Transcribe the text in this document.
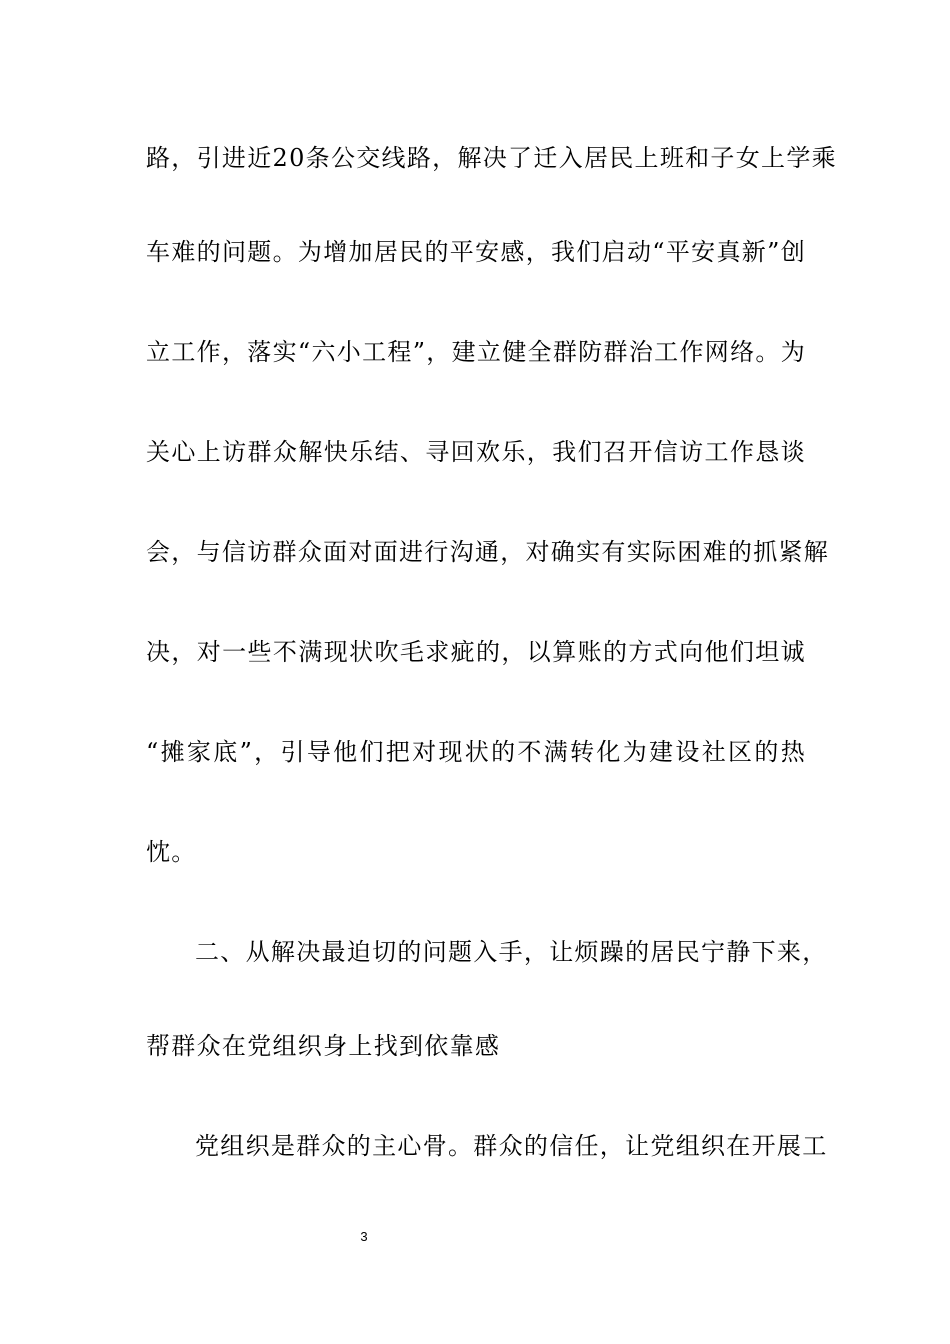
路，引进近20条公交线路，解决了迁入居民上班和子女上学乘
车难的问题。为增加居民的平安感，我们启动“平安真新”创
立工作，落实“六小工程”，建立健全群防群治工作网络。为
关心上访群众解快乐结、寻回欢乐，我们召开信访工作恳谈
会，与信访群众面对面进行沟通，对确实有实际困难的抓紧解
决，对一些不满现状吹毛求疵的，以算账的方式向他们坦诚
“摊家底”，引导他们把对现状的不满转化为建设社区的热
忱。
二、从解决最迫切的问题入手，让烦躁的居民宁静下来，
帮群众在党组织身上找到依靠感
党组织是群众的主心骨。群众的信任，让党组织在开展工
3
